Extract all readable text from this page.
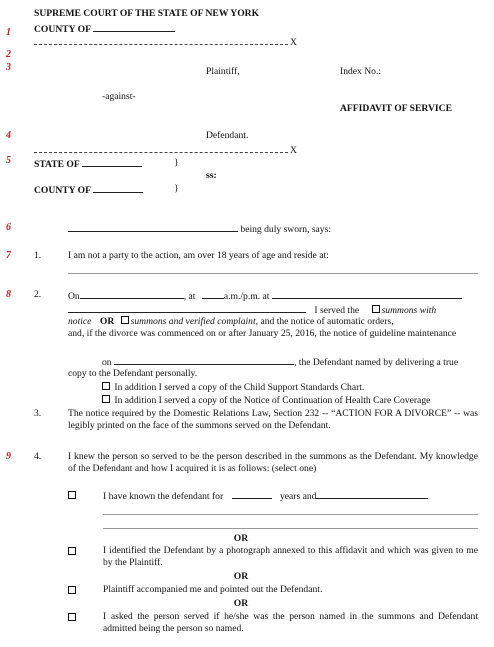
1
2
3
4
5
6
7
8
9
SUPREME COURT OF THE STATE OF NEW YORK
COUNTY OF
X
Plaintiff,	Index No.:
-against-
AFFIDAVIT OF SERVICE
Defendant.
X
STATE OF	}
ss:
COUNTY OF	}
being duly sworn, says:
1.	I am not a party to the action, am over 18 years of age and reside at:
2.	On	, at	a.m./p.m. at
I served the summons with
notice OR summons and verified complaint, and the notice of automatic orders,
and, if the divorce was commenced on or after January 25, 2016, the notice of guideline maintenance
on	, the Defendant named by delivering a true
copy to the Defendant personally.
In addition I served a copy of the Child Support Standards Chart.
In addition I served a copy of the Notice of Continuation of Health Care Coverage
3.	The notice required by the Domestic Relations Law, Section 232 -- “ACTION FOR A DIVORCE” -- was legibly printed on the face of the summons served on the Defendant.
4.	I knew the person so served to be the person described in the summons as the Defendant. My knowledge of the Defendant and how I acquired it is as follows: (select one)
I have known the defendant for	years and
OR
I identified the Defendant by a photograph annexed to this affidavit and which was given to me by the Plaintiff.
OR
Plaintiff accompanied me and pointed out the Defendant.
OR
I asked the person served if he/she was the person named in the summons and Defendant admitted being the person so named.
